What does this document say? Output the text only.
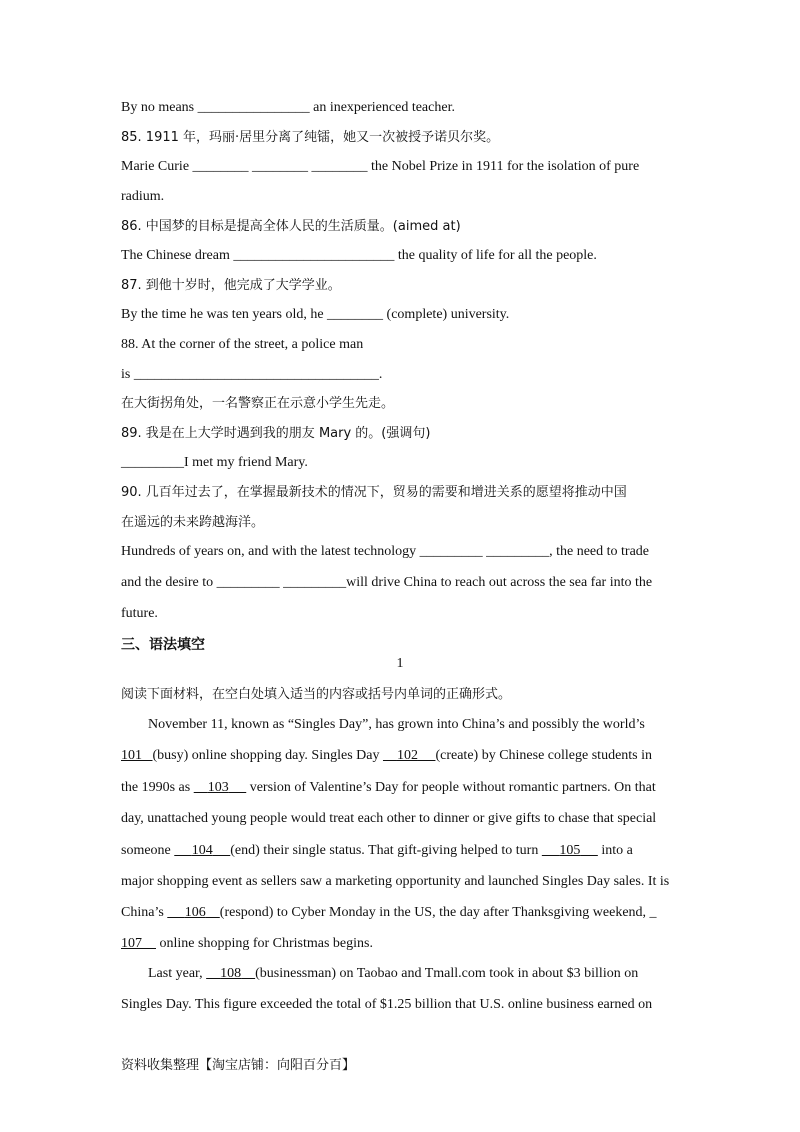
By no means ________________ an inexperienced teacher.
85. 1911 年，玛丽·居里分离了纯镭，她又一次被授予诺贝尔奖。
Marie Curie ________ ________ ________ the Nobel Prize in 1911 for the isolation of pure
radium.
86. 中国梦的目标是提高全体人民的生活质量。(aimed at)
The Chinese dream _______________________ the quality of life for all the people.
87. 到他十岁时，他完成了大学学业。
By the time he was ten years old, he ________ (complete) university.
88. At the corner of the street, a police man
is ___________________________________.
在大街拐角处，一名警察正在示意小学生先走。
89. 我是在上大学时遇到我的朋友 Mary 的。(强调句)
_________I met my friend Mary.
90. 几百年过去了，在掌握最新技术的情况下，贸易的需要和增进关系的愿望将推动中国
在遥远的未来跨越海洋。
Hundreds of years on, and with the latest technology _________ _________, the need to trade
and the desire to _________ _________will drive China to reach out across the sea far into the
future.
三、语法填空
1
阅读下面材料，在空白处填入适当的内容或括号内单词的正确形式。
November 11, known as “Singles Day”, has grown into China’s and possibly the world’s
101 (busy) online shopping day. Singles Day     102 (create) by Chinese college students in
the 1990s as     103      version of Valentine’s Day for people without romantic partners. On that
day, unattached young people would treat each other to dinner or give gifts to chase that special
someone      104 (end) their single status. That gift-giving helped to turn      105      into a
major shopping event as sellers saw a marketing opportunity and launched Singles Day sales. It is
China’s      106 (respond) to Cyber Monday in the US, the day after Thanksgiving weekend, _
107     online shopping for Christmas begins.
Last year,     108 (businessman) on Taobao and Tmall.com took in about $3 billion on
Singles Day. This figure exceeded the total of $1.25 billion that U.S. online business earned on
资料收集整理【淘宝店铺：向阳百分百】
